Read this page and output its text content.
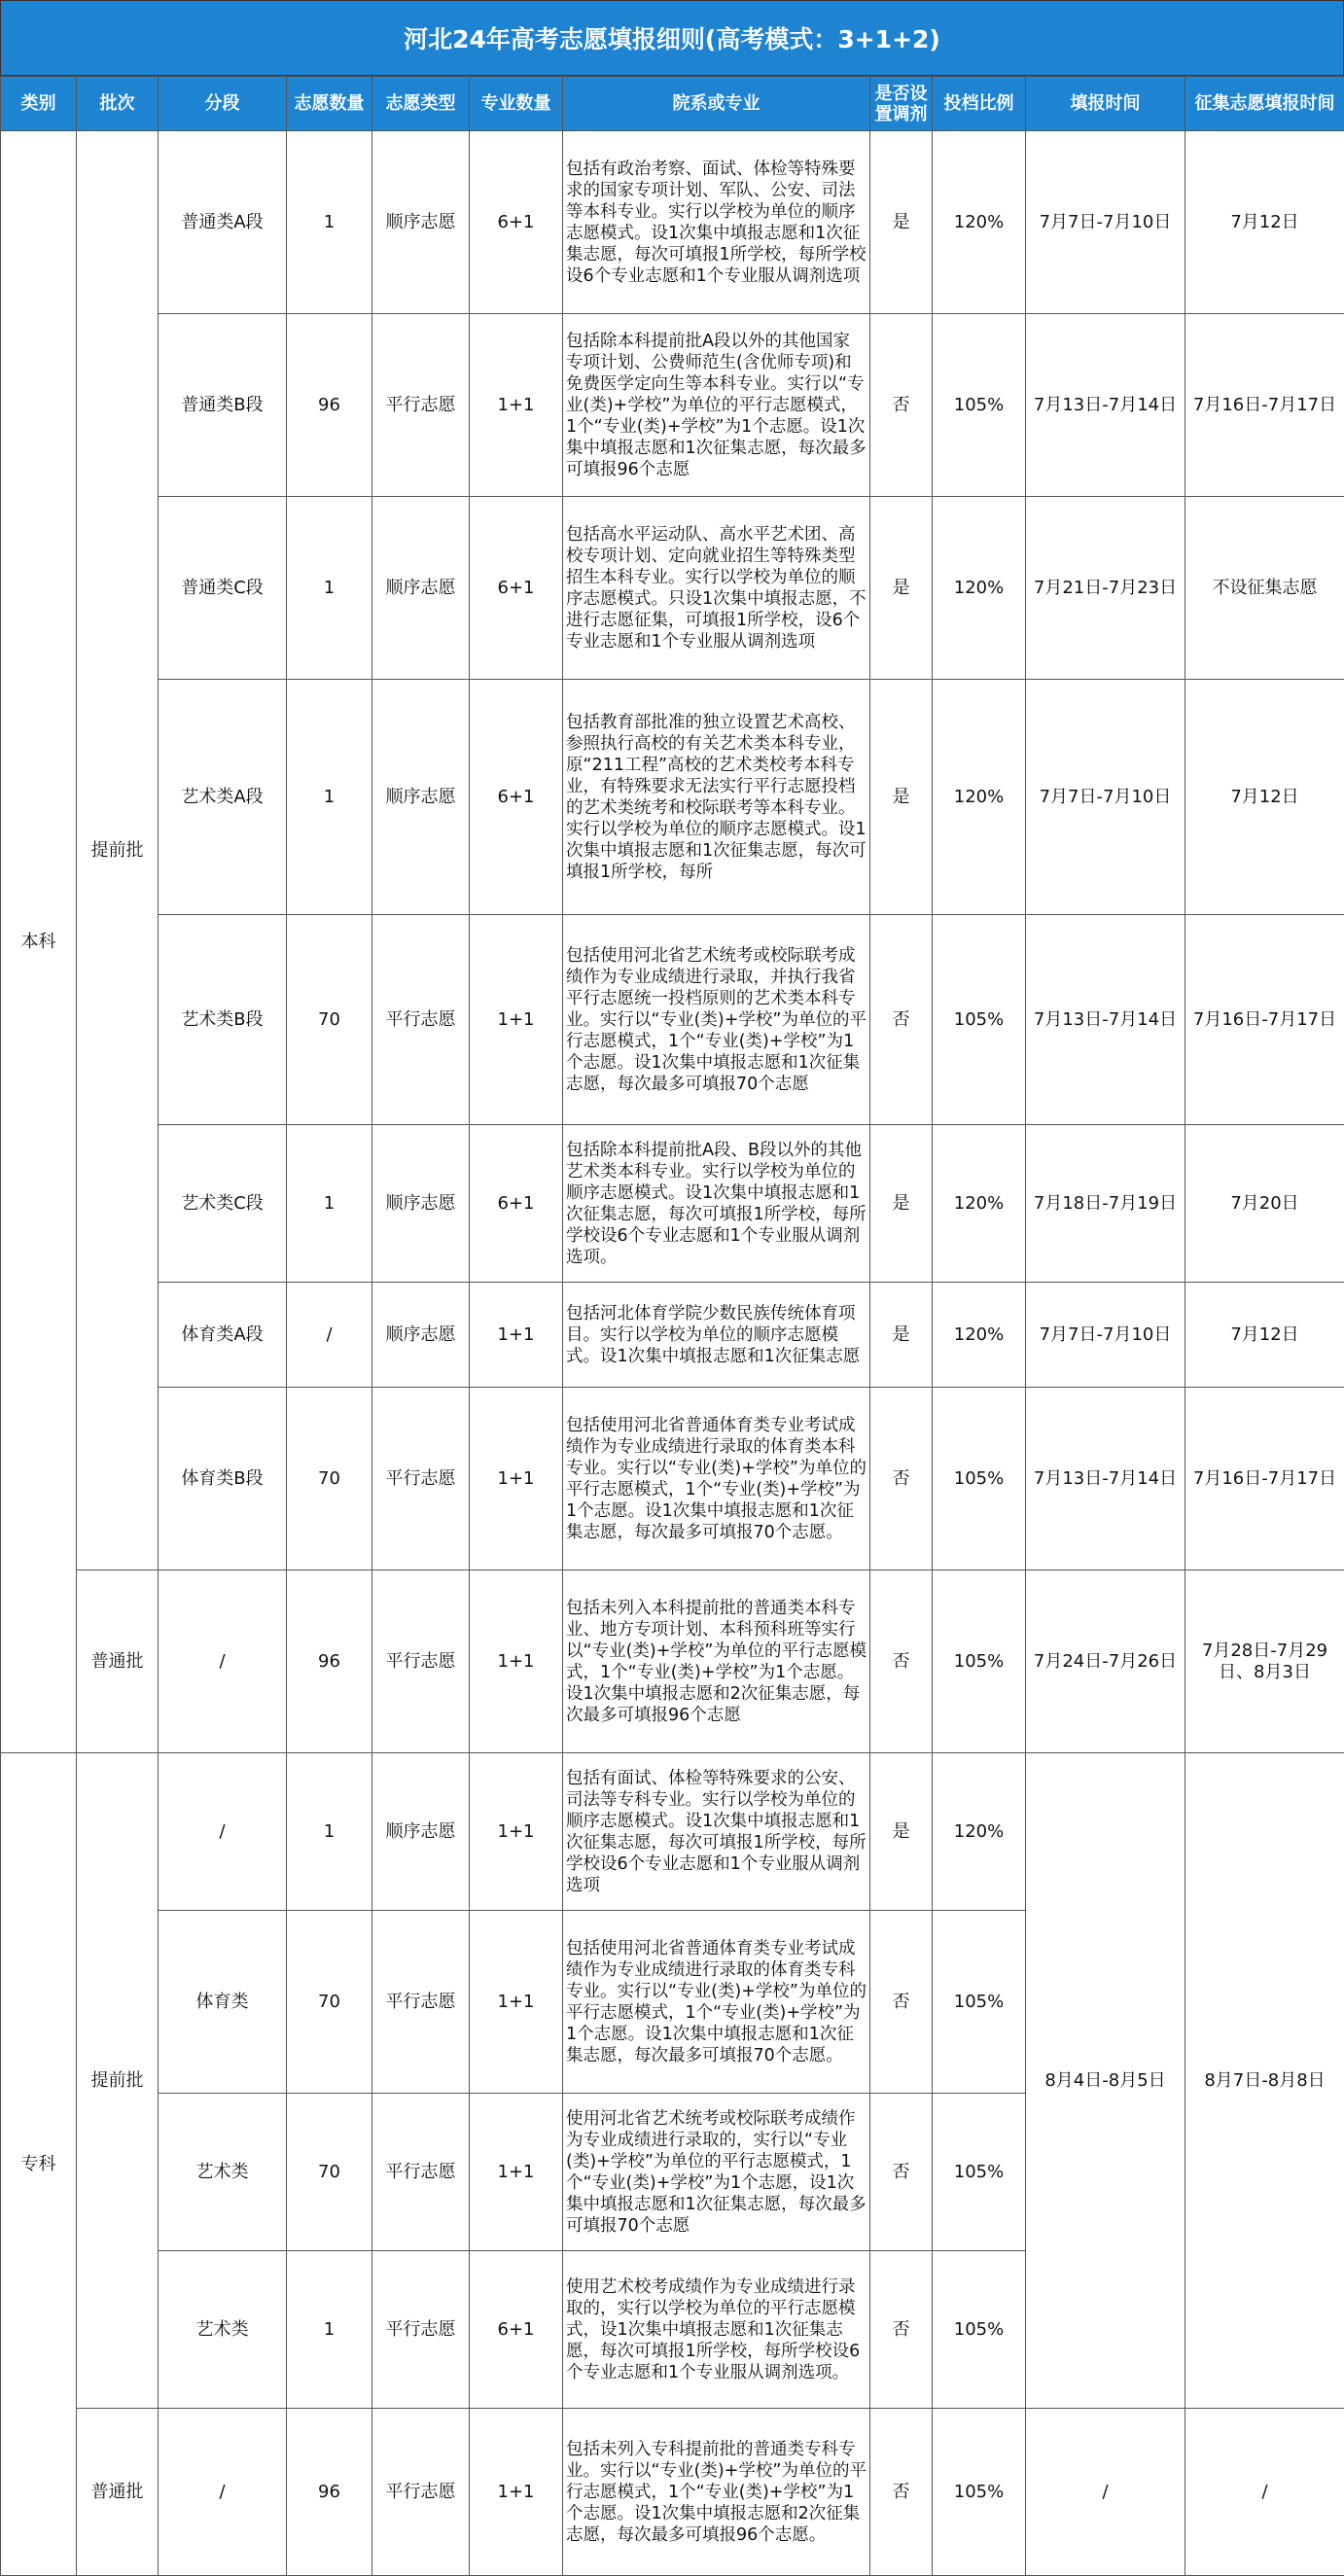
河北24年高考志愿填报细则(高考模式：3+1+2)
类别	批次	分段	志愿数量	志愿类型	专业数量	院系或专业	是否设置调剂	投档比例	填报时间	征集志愿填报时间
本科	提前批	普通类A段	1	顺序志愿	6+1	包括有政治考察、面试、体检等特殊要求的国家专项计划、军队、公安、司法等本科专业。实行以学校为单位的顺序志愿模式。设1次集中填报志愿和1次征集志愿，每次可填报1所学校，每所学校设6个专业志愿和1个专业服从调剂选项	是	120%	7月7日-7月10日	7月12日
		普通类B段	96	平行志愿	1+1	包括除本科提前批A段以外的其他国家专项计划、公费师范生(含优师专项)和免费医学定向生等本科专业。实行以“专业(类)+学校”为单位的平行志愿模式，1个“专业(类)+学校”为1个志愿。设1次集中填报志愿和1次征集志愿，每次最多可填报96个志愿	否	105%	7月13日-7月14日	7月16日-7月17日
		普通类C段	1	顺序志愿	6+1	包括高水平运动队、高水平艺术团、高校专项计划、定向就业招生等特殊类型招生本科专业。实行以学校为单位的顺序志愿模式。只设1次集中填报志愿，不进行志愿征集，可填报1所学校，设6个专业志愿和1个专业服从调剂选项	是	120%	7月21日-7月23日	不设征集志愿
		艺术类A段	1	顺序志愿	6+1	包括教育部批准的独立设置艺术高校、参照执行高校的有关艺术类本科专业，原“211工程”高校的艺术类校考本科专业，有特殊要求无法实行平行志愿投档的艺术类统考和校际联考等本科专业。实行以学校为单位的顺序志愿模式。设1次集中填报志愿和1次征集志愿，每次可填报1所学校，每所	是	120%	7月7日-7月10日	7月12日
		艺术类B段	70	平行志愿	1+1	包括使用河北省艺术统考或校际联考成绩作为专业成绩进行录取，并执行我省平行志愿统一投档原则的艺术类本科专业。实行以“专业(类)+学校”为单位的平行志愿模式，1个“专业(类)+学校”为1个志愿。设1次集中填报志愿和1次征集志愿，每次最多可填报70个志愿	否	105%	7月13日-7月14日	7月16日-7月17日
		艺术类C段	1	顺序志愿	6+1	包括除本科提前批A段、B段以外的其他艺术类本科专业。实行以学校为单位的顺序志愿模式。设1次集中填报志愿和1次征集志愿，每次可填报1所学校，每所学校设6个专业志愿和1个专业服从调剂选项。	是	120%	7月18日-7月19日	7月20日
		体育类A段	/	顺序志愿	1+1	包括河北体育学院少数民族传统体育项目。实行以学校为单位的顺序志愿模式。设1次集中填报志愿和1次征集志愿	是	120%	7月7日-7月10日	7月12日
		体育类B段	70	平行志愿	1+1	包括使用河北省普通体育类专业考试成绩作为专业成绩进行录取的体育类本科专业。实行以“专业(类)+学校”为单位的平行志愿模式，1个“专业(类)+学校”为1个志愿。设1次集中填报志愿和1次征集志愿，每次最多可填报70个志愿。	否	105%	7月13日-7月14日	7月16日-7月17日
	普通批	/	96	平行志愿	1+1	包括未列入本科提前批的普通类本科专业、地方专项计划、本科预科班等实行以“专业(类)+学校”为单位的平行志愿模式，1个“专业(类)+学校”为1个志愿。设1次集中填报志愿和2次征集志愿，每次最多可填报96个志愿	否	105%	7月24日-7月26日	7月28日-7月29日、8月3日
专科	提前批	/	1	顺序志愿	1+1	包括有面试、体检等特殊要求的公安、司法等专科专业。实行以学校为单位的顺序志愿模式。设1次集中填报志愿和1次征集志愿，每次可填报1所学校，每所学校设6个专业志愿和1个专业服从调剂选项	是	120%	8月4日-8月5日	8月7日-8月8日
		体育类	70	平行志愿	1+1	包括使用河北省普通体育类专业考试成绩作为专业成绩进行录取的体育类专科专业。实行以“专业(类)+学校”为单位的平行志愿模式，1个“专业(类)+学校”为1个志愿。设1次集中填报志愿和1次征集志愿，每次最多可填报70个志愿。	否	105%		
		艺术类	70	平行志愿	1+1	使用河北省艺术统考或校际联考成绩作为专业成绩进行录取的，实行以“专业(类)+学校”为单位的平行志愿模式，1个“专业(类)+学校”为1个志愿，设1次集中填报志愿和1次征集志愿，每次最多可填报70个志愿	否	105%		
		艺术类	1	平行志愿	6+1	使用艺术校考成绩作为专业成绩进行录取的，实行以学校为单位的平行志愿模式，设1次集中填报志愿和1次征集志愿，每次可填报1所学校，每所学校设6个专业志愿和1个专业服从调剂选项。	否	105%		
	普通批	/	96	平行志愿	1+1	包括未列入专科提前批的普通类专科专业。实行以“专业(类)+学校”为单位的平行志愿模式，1个“专业(类)+学校”为1个志愿。设1次集中填报志愿和2次征集志愿，每次最多可填报96个志愿。	否	105%	/	/
